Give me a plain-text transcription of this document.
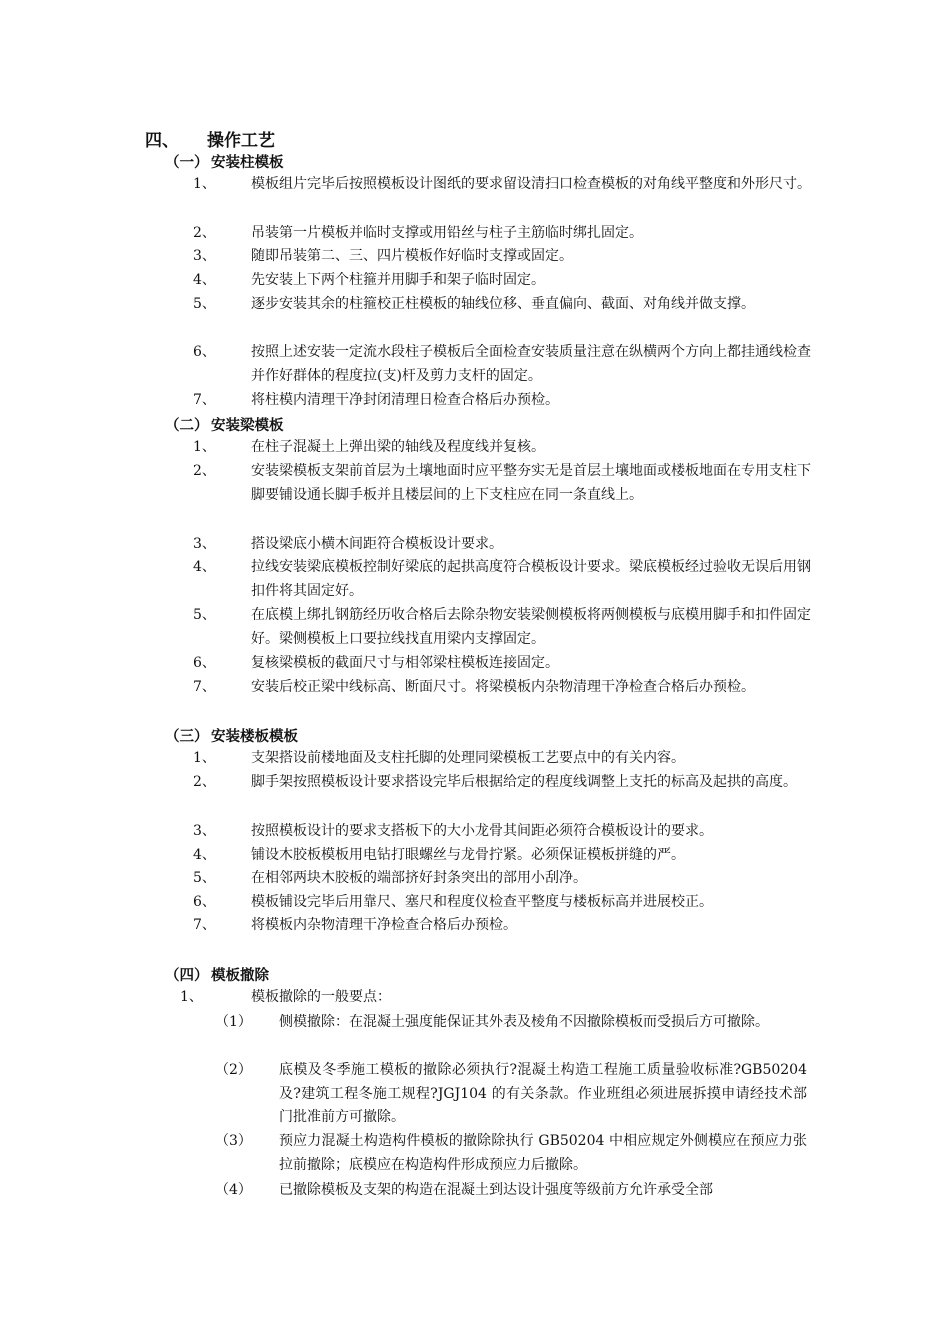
四、 操作工艺
（一） 安装柱模板
1、	模板组片完毕后按照模板设计图纸的要求留设清扫口检查模板的对角线平整度和外形尺寸。
2、	吊装第一片模板并临时支撑或用铅丝与柱子主筋临时绑扎固定。
3、	随即吊装第二、三、四片模板作好临时支撑或固定。
4、	先安装上下两个柱箍并用脚手和架子临时固定。
5、	逐步安装其余的柱箍校正柱模板的轴线位移、垂直偏向、截面、对角线并做支撑。
6、	按照上述安装一定流水段柱子模板后全面检查安装质量注意在纵横两个方向上都挂通线检查并作好群体的程度拉(支)杆及剪力支杆的固定。
7、	将柱模内清理干净封闭清理日检查合格后办预检。
（二） 安装梁模板
1、	在柱子混凝土上弹出梁的轴线及程度线并复核。
2、	安装梁模板支架前首层为土壤地面时应平整夯实无是首层土壤地面或楼板地面在专用支柱下脚要铺设通长脚手板并且楼层间的上下支柱应在同一条直线上。
3、	搭设梁底小横木间距符合模板设计要求。
4、	拉线安装梁底模板控制好梁底的起拱高度符合模板设计要求。梁底模板经过验收无误后用钢扣件将其固定好。
5、	在底模上绑扎钢筋经历收合格后去除杂物安装梁侧模板将两侧模板与底模用脚手和扣件固定好。梁侧模板上口要拉线找直用梁内支撑固定。
6、	复核梁模板的截面尺寸与相邻梁柱模板连接固定。
7、	安装后校正梁中线标高、断面尺寸。将梁模板内杂物清理干净检查合格后办预检。
（三） 安装楼板模板
1、	支架搭设前楼地面及支柱托脚的处理同梁模板工艺要点中的有关内容。
2、	脚手架按照模板设计要求搭设完毕后根据给定的程度线调整上支托的标高及起拱的高度。
3、	按照模板设计的要求支搭板下的大小龙骨其间距必须符合模板设计的要求。
4、	铺设木胶板模板用电钻打眼螺丝与龙骨拧紧。必须保证模板拼缝的严。
5、	在相邻两块木胶板的端部挤好封条突出的部用小刮净。
6、	模板铺设完毕后用靠尺、塞尺和程度仪检查平整度与楼板标高并进展校正。
7、	将模板内杂物清理干净检查合格后办预检。
（四） 模板撤除
1、	模板撤除的一般要点：
（1） 侧模撤除：在混凝土强度能保证其外表及棱角不因撤除模板而受损后方可撤除。
（2） 底模及冬季施工模板的撤除必须执行?混凝土构造工程施工质量验收标准?GB50204 及?建筑工程冬施工规程?JGJ104 的有关条款。作业班组必须进展拆摸申请经技术部门批准前方可撤除。
（3） 预应力混凝土构造构件模板的撤除除执行 GB50204 中相应规定外侧模应在预应力张拉前撤除；底模应在构造构件形成预应力后撤除。
（4） 已撤除模板及支架的构造在混凝土到达设计强度等级前方允许承受全部
